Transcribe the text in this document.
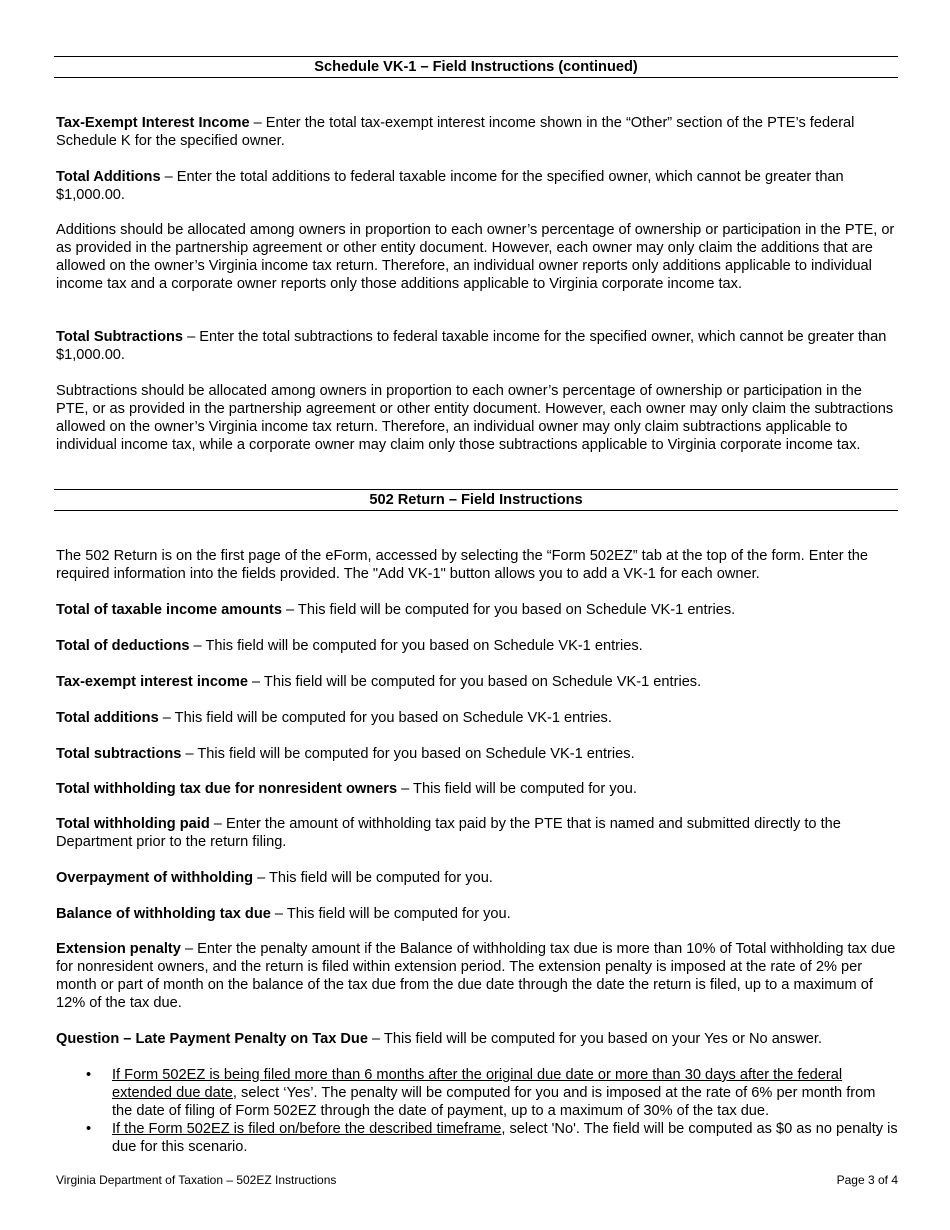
Schedule VK-1 – Field Instructions (continued)

Tax-Exempt Interest Income – Enter the total tax-exempt interest income shown in the “Other” section of the PTE’s federal Schedule K for the specified owner.

Total Additions – Enter the total additions to federal taxable income for the specified owner, which cannot be greater than $1,000.00.

Additions should be allocated among owners in proportion to each owner’s percentage of ownership or participation in the PTE, or as provided in the partnership agreement or other entity document. However, each owner may only claim the additions that are allowed on the owner’s Virginia income tax return. Therefore, an individual owner reports only additions applicable to individual income tax and a corporate owner reports only those additions applicable to Virginia corporate income tax.

Total Subtractions – Enter the total subtractions to federal taxable income for the specified owner, which cannot be greater than $1,000.00.

Subtractions should be allocated among owners in proportion to each owner’s percentage of ownership or participation in the PTE, or as provided in the partnership agreement or other entity document. However, each owner may only claim the subtractions allowed on the owner’s Virginia income tax return. Therefore, an individual owner may only claim subtractions applicable to individual income tax, while a corporate owner may claim only those subtractions applicable to Virginia corporate income tax.

502 Return – Field Instructions

The 502 Return is on the first page of the eForm, accessed by selecting the “Form 502EZ” tab at the top of the form. Enter the required information into the fields provided. The "Add VK-1" button allows you to add a VK-1 for each owner.

Total of taxable income amounts – This field will be computed for you based on Schedule VK-1 entries.

Total of deductions – This field will be computed for you based on Schedule VK-1 entries.

Tax-exempt interest income – This field will be computed for you based on Schedule VK-1 entries.

Total additions – This field will be computed for you based on Schedule VK-1 entries.

Total subtractions – This field will be computed for you based on Schedule VK-1 entries.

Total withholding tax due for nonresident owners – This field will be computed for you.

Total withholding paid – Enter the amount of withholding tax paid by the PTE that is named and submitted directly to the Department prior to the return filing.

Overpayment of withholding – This field will be computed for you.

Balance of withholding tax due – This field will be computed for you.

Extension penalty – Enter the penalty amount if the Balance of withholding tax due is more than 10% of Total withholding tax due for nonresident owners, and the return is filed within extension period. The extension penalty is imposed at the rate of 2% per month or part of month on the balance of the tax due from the due date through the date the return is filed, up to a maximum of 12% of the tax due.

Question – Late Payment Penalty on Tax Due – This field will be computed for you based on your Yes or No answer.

• If Form 502EZ is being filed more than 6 months after the original due date or more than 30 days after the federal extended due date, select ‘Yes’. The penalty will be computed for you and is imposed at the rate of 6% per month from the date of filing of Form 502EZ through the date of payment, up to a maximum of 30% of the tax due.
• If the Form 502EZ is filed on/before the described timeframe, select 'No'. The field will be computed as $0 as no penalty is due for this scenario.
Virginia Department of Taxation – 502EZ Instructions	Page 3 of 4
